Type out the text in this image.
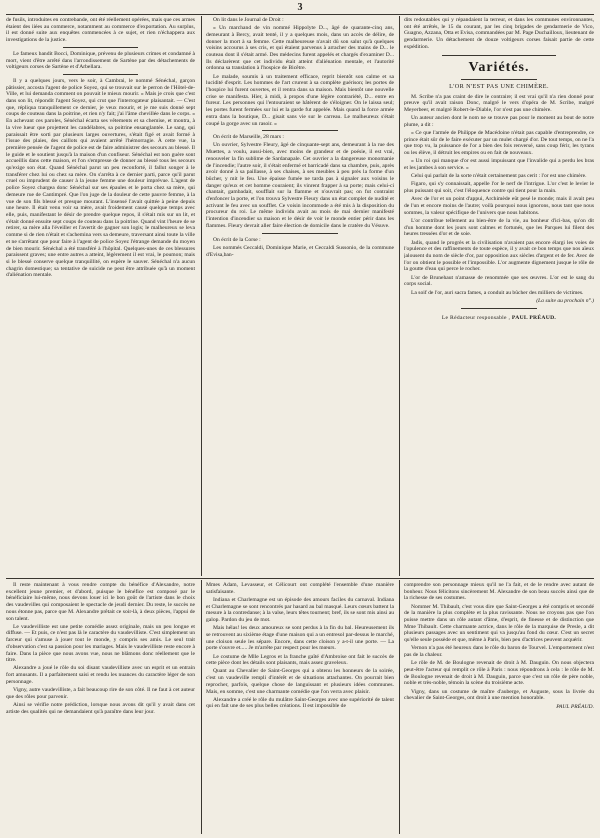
3

de fusils, introduites en contrebande, ont été réellement opérées, mais que ces armes étaient des iiées au commerce, notamment au commerce d'exportation. Au surplus, il est donné suite aux enquêtes commencées à ce sujet, et rien n'échappera aux investigations de la justice.

Le fameux bandit Bocci, Dominique, prévenu de plusieurs crimes et condamné à mort, vient d'être arrêté dans l'arrondissement de Sartène par des détachements de voltigeurs corses de Sartène et d'Arbellara.

Il y a quelques jours, vers le soir, à Cambrai, le nommé Sénéchal, garçon pâtissier, accosta l'agent de police Soyez, qui se trouvait sur le perron de l'Hôtel-de-Ville, et lui demanda comment on pouvait le mieux mourir. « Mais je crois que c'est dans son lit, répondit l'agent Soyez, qui crut que l'interrogateur plaisantait. — C'est que, répliqua tranquillement ce dernier, je veux mourir, et je me suis donné sept coups de couteau dans la poitrine, et rien n'y fait; j'ai l'âme chevillée dans le corps. » En achevant ces paroles, Sénéchal écarta ses vêtements et sa chemise, et montra, à la vive lueur que projettent les candélabres, sa poitrine ensanglantée. Le sang, qui paraissait être sorti par plusieurs larges ouvertures, s'était figé et avait formé à l'issue des plaies, des caillots qui avaient arrêté l'hémorragie. À cette vue, la première pensée de l'agent de police est de faire administrer des secours au blessé. Il le guide et le soutient jusqu'à la maison d'un confiseur. Sénéchal est non guère sont accueillis dans cette maison, et l'on s'empresse de donner au blessé tous les secours qu'exige son état. Quand Sénéchal parut un peu reconforté, il fallut songer à le transférer chez lui ou chez sa mère. On s'arrêta à ce dernier parti, parce qu'il parut cruel ou imprudent de causer à la jeune femme une douleur imprévue. L'agent de police Soyez chargea donc Sénéchal sur ses épaules et le porta chez sa mère, qui demeure rue de Cantimpré. Que l'on juge de la douleur de cette pauvre femme, à la vue de son fils blessé et presque mourant. L'insensé l'avait quittée à peine depuis une heure. Il était venu voir sa mère, avait froidement causé quelque temps avec elle, puis, manifestant le désir de prendre quelque repos, il s'était mis sur un lit, et s'était donné ensuite sept coups de couteau dans la poitrine. Quand vint l'heure de se retirer, sa mère alla l'éveiller et l'avertit de gagner son logis; le malheureux se leva comme si de rien n'était et s'achemina vers sa demeure, traversant ainsi toute la ville et ne s'arrêtant que pour faire à l'agent de police Soyez l'étrange demande du moyen de bien mourir. Sénéchal a été transféré à l'hôpital. Quelques-unes de ces blessures paraissent graves; une entre autres a atteint, légèrement il est vrai, le poumon; mais si le blessé conserve quelque tranquillité, on espère le sauver. Sénéchal n'a aucun chagrin domestique; sa tentative de suicide ne peut être attribuée qu'à un moment d'aliénation mentale.

On lit dans le Journal de Droit :

« Un marchand de vin nommé Hippolyte D..., âgé de quarante-cinq ans, demeurant à Bercy, avait tenté, il y a quelques mois, dans un accès de délire, de donner la mort à sa femme. Cette malheureuse n'avait dû son salut qu'à quelques voisins accourus à ses cris, et qui étaient parvenus à arracher des mains de D... le couteau dont il s'était armé. Des médecins furent appelés et chargés d'examiner D... Ils déclarèrent que cet individu était atteint d'aliénation mentale, et l'autorité ordonna sa translation à l'hospice de Bicêtre.

Le malade, soumis à un traitement efficace, reprit bientôt son calme et sa lucidité d'esprit. Les hommes de l'art crurent à sa complète guérison; les portes de l'hospice lui furent ouvertes, et il rentra dans sa maison. Mais bientôt une nouvelle crise se manifesta. Hier, à midi, à propos d'une légère contrariété, D... entre en fureur. Les personnes qui l'entouraient se hâtèrent de s'éloigner. On le laissa seul; les portes furent fermées sur lui et la garde fut appelée. Mais quand la force armée entra dans la boutique, D... gisait sans vie sur le carreau. Le malheureux s'était coupé la gorge avec un rasoir. »

On écrit de Marseille, 28 mars :

Un ouvrier, Sylvestre Fleury, âgé de cinquante-sept ans, demeurant à la rue des Muettes, a voulu, aussi-bien, avec moins de grandeur et de poésie, il est vrai, renouveler la fin sublime de Sardanapale. Cet ouvrier a la dangereuse monomanie de l'incendie; l'autre soir, il s'était enfermé et barricadé dans sa chambre, puis, après avoir donné à sa paillasse, à ses chaises, à ses meubles à peu près la forme d'un bûcher, y mit le feu. Une épaisse fumée ne tarda pas à signaler aux voisins le danger qu'eux et cet homme couraient; ils vinrent frapper à sa porte; mais celui-ci chantait, gambadait, soufflait sur la flamme et n'ouvrait pas; on fut contraint d'enfoncer la porte, et l'on trouva Sylvestre Fleury dans un état complet de nudité et activant le feu avec un soufflet. Ce voisin incommode a été mis à la disposition du procureur du roi. Le même individu avait au mois de mai dernier manifesté l'intention d'incendier sa maison et le désir de voir le monde entier périr dans les flammes. Fleury devrait aller faire élection de domicile dans le cratère du Vésuve.

On écrit de la Corse :

Les nommés Ceccaldi, Dominique Marie, et Ceccaldi Sussonio, de la commune d'Evisa,ban-

dits redoutables qui y répandaient la terreur, et dans les communes environnantes, ont été arrêtés, le 15 du courant, par les cinq brigades de gendarmerie de Vico, Guagno, Azzana, Otta et Evisa, commandées par M. Page Duchailloux, lieutenant de gendarmerie. Un détachement de douze voltigeurs corses faisait partie de cette expédition.

Variétés.
L'OR N'EST PAS UNE CHIMÈRE.

M. Scribe n'a pas craint de dire le contraire; il est vrai qu'il n'a rien donné pour preuve qu'il avait raison Donc, malgré le vers d'opéra de M. Scribe, malgré Meyerbeer, et malgré Robert-le-Diable, l'or n'est pas une chimère.

Un auteur ancien dont le nom ne se trouve pas pour le moment au bout de notre plume, a dit :

« Ce que l'armée de Philippe de Macédoine n'était pas capable d'entreprendre, ce prince était sûr de le faire exécuter par un mulet chargé d'or. De tout temps, on ne l'a que trop vu, la puissance de l'or a bien des fois renversé, sans coup férir, les tyrans ou les élève, il détruit les empires ou en fait de nouveaux.

« Un roi qui manque d'or est aussi impuissant que l'invalide qui a perdu les bras et les jambes à son service. »

Celui qui parlait de la sorte n'était certainement pas cerit : l'or est une chimère.

Figaro, qui s'y connaissait, appelle l'or le nerf de l'intrigue. L'or c'est le levier le plus puissant qui soit, c'est l'éloquence contre qui tient pour la main.

Avec de l'or et un point d'appui, Archimède eût pesé le monde; mais il avait peu de l'un et encore moins de l'autre; voilà pourquoi nous ignorons, nous tant que nous sommes, la valeur spécifique de l'univers que nous habitons.

L'or contribue tellement au bien-être de la vie, au bonheur d'ici-bas, qu'on dit d'un homme dont les jours sont calmes et fortunés, que les Parques lui filent des heures tressées d'or et de soie.

Jadis, quand le progrès et la civilisation n'avaient pas encore élargi les voies de l'opulence et des raffinements de toute espèce, il y avait ce bon temps que nos aïeux jalousent du nom de siècle d'or, par opposition aux siècles d'argent et de fer. Avec de l'or on obtient le possible et l'impossible. L'or augmente dignement jusque le rôle de la goutte d'eau qui perce le rocher.

L'or de Brunehaut n'amasse de renommée que ses œuvres. L'or est le sang du corps social.

La soif de l'or, auri sacra fames, a conduit au bûcher des milliers de victimes.

(La suite au prochain n°.)
Le Rédacteur responsable , PAUL PRÉAUD.

Il reste maintenant à vous rendre compte du bénéfice d'Alexandre, notre excellent jeune premier, et d'abord, puisque le bénéfice est composé par le bénéficiaire lui-même, nous devons louer ici le bon goût de l'artiste dans le choix des vaudevilles qui composaient le spectacle de jeudi dernier. Du reste, le succès ne nous étonne pas, parce que M. Alexandre prêtait ce soir-là, à deux pièces, l'appui de son talent.

Le vaudevilliste est une petite comédie assez originale, mais un peu longue et diffuse. — Et puis, ce n'est pas là le caractère du vaudevilliste. C'est simplement un farceur qui s'amuse à jouer tout le monde, y compris ses amis. Le seul trait d'observation c'est sa passion pour les mariages. Mais le vaudevilliste reste encore à faire. Dans la pièce que nous avons vue, nous ne blâmons donc réellement que le titre.

Alexandre a joué le rôle du soi disant vaudevilliste avec un esprit et un entrain fort amusants. Il a parfaitement saisi et rendu les nuances du caractère léger de son personnage.

Vigny, autre vaudevilliste, a fait beaucoup rire de son côté. Il ne faut à cet auteur que des rôles pour parvenir.

Ainsi se vérifie notre prédiction, lorsque nous avons dit qu'il y avait dans cet artiste des qualités qui ne demandaient qu'à paraître dans leur jour.

Mmes Adam, Levasseur, et Célicourt ont complété l'ensemble d'une manière satisfaisante.

Indiana et Charlemagne est un épisode des amours faciles du carnaval. Indiana et Charlemagne se sont rencontrés par hasard au bal masqué. Leurs cœurs battent la mesure à la contredanse; à la valse, leurs têtes tournent; bref, ils se sont mis ainsi au galop. Pardon du jeu de mot.

Mais hélas! les deux amoureux se sont perdus à la fin du bal. Heureusement ils se retrouvent au sixième étage d'une maison qui a un entresol par-dessus le marché, une cloison seule les sépare. Encore, dans cette cloison y a-t-il une porte. — La porte s'ouvre et..... Je m'arrête par respect pour les mœurs.

Le costume de Mlle Legros et la franche gaîté d'Ambroise ont fait le succès de cette pièce dont les détails sont plaisants, mais assez graveleux.

Quant au Chevalier de Saint-Georges qui a obtenu les honneurs de la soirée, c'est un vaudeville rempli d'intérêt et de situations attachantes. On pourrait bien reprocher, parfois, quelque chose de languissant et plusieurs idées communes. Mais, en somme, c'est une charmante comédie que l'on verra avec plaisir.

Alexandre a créé le rôle du mulâtre Saint-Georges avec une supériorité de talent qui en fait une de ses plus belles créations. Il est impossible de

comprendre son personnage mieux qu'il ne l'a fait, et de le rendre avec autant de bonheur. Nous félicitons sincèrement M. Alexandre de son beau succès ainsi que de la richesse de ses costumes.

Nommer M. Thibault, c'est vous dire que Saint-Georges a été compris et secondé de la manière la plus complète et la plus ravissante. Nous ne croyons pas que l'on puisse mettre dans un rôle autant d'âme, d'esprit, de finesse et de distinction que Mme Thibault. Cette charmante actrice, dans le rôle de la marquise de Presle, a dit plusieurs passages avec un sentiment qui va jusqu'au fond du cœur. C'est un secret qu'elle seule possède et que, même à Paris, bien peu d'actrices peuvent acquérir.

Vernon n'a pas été heureux dans le rôle du baron de Tourvel. L'emportement n'est pas de la chaleur.

Le rôle de M. de Boulogne revenait de droit à M. Dauguin. On nous objectera peut-être l'acteur qui remplit ce rôle à Paris : nous répondrons à cela : le rôle de M. de Boulogne revenait de droit à M. Dauguin, parce que c'est un rôle de père noble, noble et très-noble, témoin la scène du troisième acte.

Vigny, dans un costume de maître d'auberge, et Auguste, sous la livrée du chevalier de Saint-Georges, ont droit à une mention honorable.

PAUL PRÉAUD.
